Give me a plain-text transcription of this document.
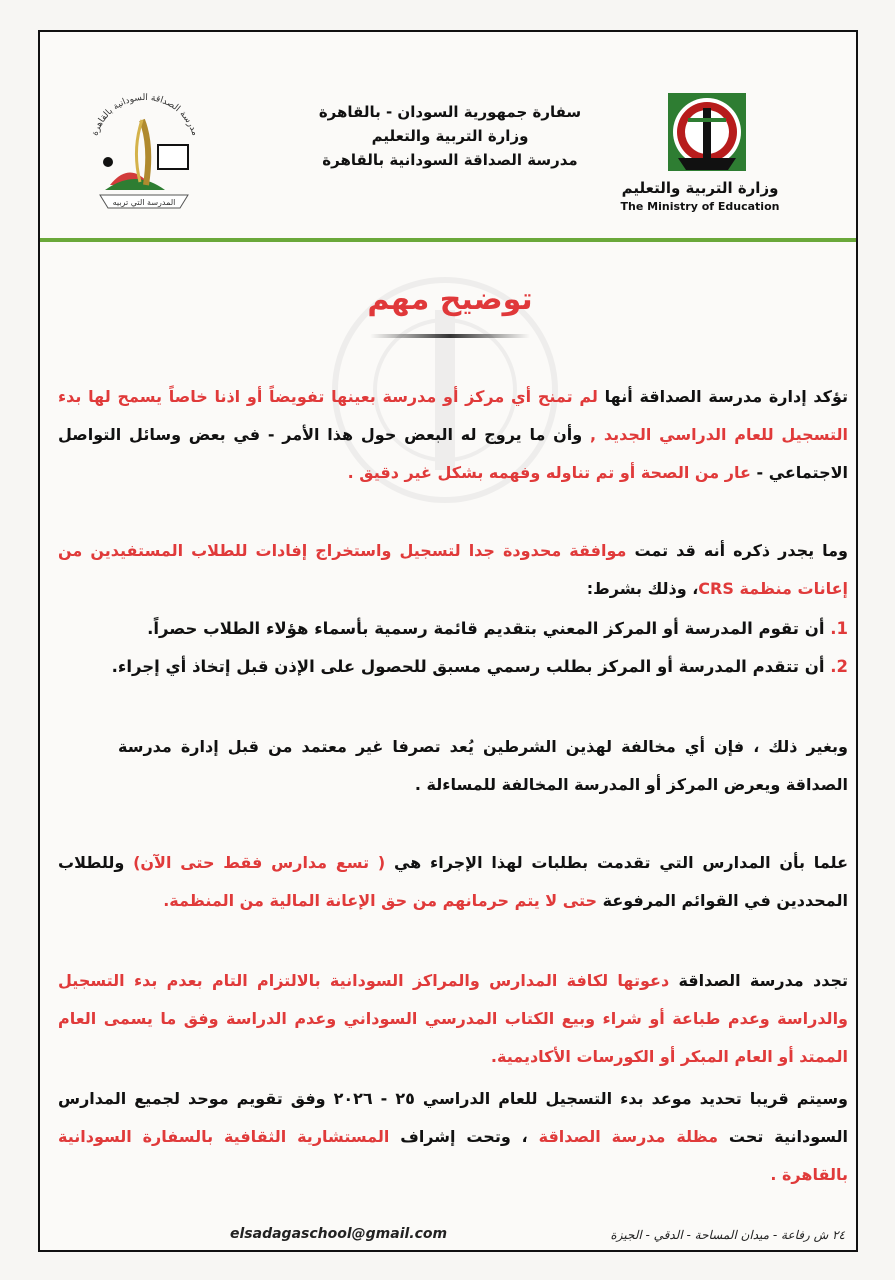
وزارة التربية والتعليم
The Ministry of Education
مدرسة الصداقة السودانية بالقاهرة
المدرسة التي تربيه
سفارة جمهورية السودان - بالقاهرة
وزارة التربية والتعليم
مدرسة الصداقة السودانية بالقاهرة
توضيح مهم
تؤكد إدارة مدرسة الصداقة أنها لم تمنح أي مركز أو مدرسة بعينها تفويضاً أو اذنا خاصاً يسمح لها بدء التسجيل للعام الدراسي الجديد , وأن ما يروج له البعض حول هذا الأمر - في بعض وسائل التواصل الاجتماعي - عار من الصحة أو تم تناوله وفهمه بشكل غير دقيق .
وما يجدر ذكره أنه قد تمت موافقة محدودة جدا لتسجيل واستخراج إفادات للطلاب المستفيدين من إعانات منظمة CRS، وذلك بشرط:
1. أن تقوم المدرسة أو المركز المعني بتقديم قائمة رسمية بأسماء هؤلاء الطلاب حصراً.
2. أن تتقدم المدرسة أو المركز بطلب رسمي مسبق للحصول على الإذن قبل إتخاذ أي إجراء.
وبغير ذلك ، فإن أي مخالفة لهذين الشرطين يُعد تصرفا غير معتمد من قبل إدارة مدرسة الصداقة ويعرض المركز أو المدرسة المخالفة للمساءلة .
علما بأن المدارس التي تقدمت بطلبات لهذا الإجراء هي ( تسع مدارس فقط حتى الآن) وللطلاب المحددين في القوائم المرفوعة حتى لا يتم حرمانهم من حق الإعانة المالية من المنظمة.
تجدد مدرسة الصداقة دعوتها لكافة المدارس والمراكز السودانية بالالتزام التام بعدم بدء التسجيل والدراسة وعدم طباعة أو شراء وبيع الكتاب المدرسي السوداني وعدم الدراسة وفق ما يسمى العام الممتد أو العام المبكر أو الكورسات الأكاديمية.
وسيتم قريبا تحديد موعد بدء التسجيل للعام الدراسي ٢٥ - ٢٠٢٦ وفق تقويم موحد لجميع المدارس السودانية تحت مظلة مدرسة الصداقة ، وتحت إشراف المستشارية الثقافية بالسفارة السودانية بالقاهرة .
elsadagaschool@gmail.com	٢٤ ش رفاعة - ميدان المساحة - الدقي - الجيزة
